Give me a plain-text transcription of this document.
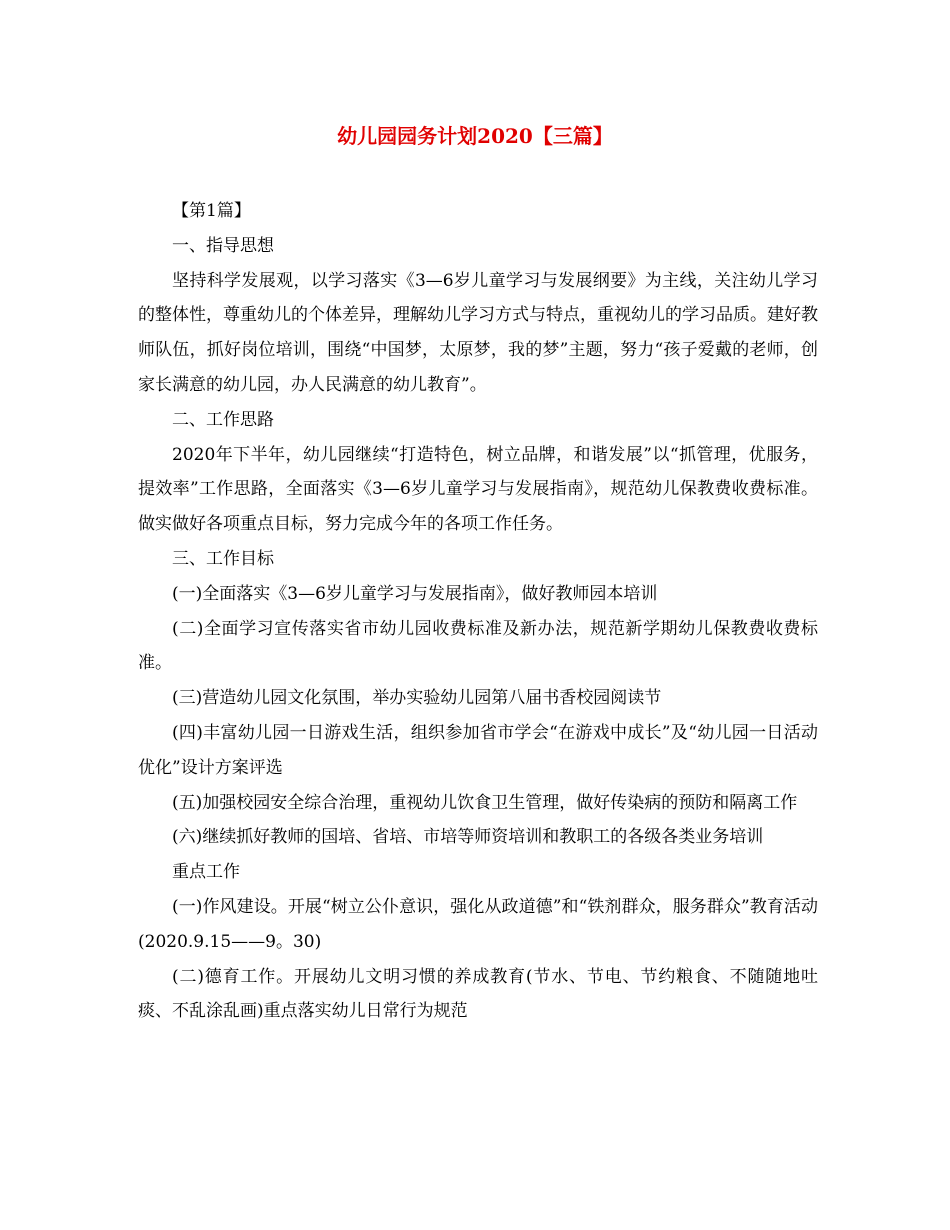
幼儿园园务计划2020【三篇】

【第1篇】

一、指导思想

坚持科学发展观，以学习落实《3—6岁儿童学习与发展纲要》为主线，关注幼儿学习的整体性，尊重幼儿的个体差异，理解幼儿学习方式与特点，重视幼儿的学习品质。建好教师队伍，抓好岗位培训，围绕“中国梦，太原梦，我的梦”主题，努力“孩子爱戴的老师，创家长满意的幼儿园，办人民满意的幼儿教育”。

二、工作思路

2020年下半年，幼儿园继续“打造特色，树立品牌，和谐发展”以“抓管理，优服务，提效率”工作思路，全面落实《3—6岁儿童学习与发展指南》，规范幼儿保教费收费标准。做实做好各项重点目标，努力完成今年的各项工作任务。

三、工作目标

(一)全面落实《3—6岁儿童学习与发展指南》，做好教师园本培训

(二)全面学习宣传落实省市幼儿园收费标准及新办法，规范新学期幼儿保教费收费标准。

(三)营造幼儿园文化氛围，举办实验幼儿园第八届书香校园阅读节

(四)丰富幼儿园一日游戏生活，组织参加省市学会“在游戏中成长”及“幼儿园一日活动优化”设计方案评选

(五)加强校园安全综合治理，重视幼儿饮食卫生管理，做好传染病的预防和隔离工作

(六)继续抓好教师的国培、省培、市培等师资培训和教职工的各级各类业务培训

重点工作

(一)作风建设。开展“树立公仆意识，强化从政道德”和“铁剂群众，服务群众”教育活动(2020.9.15——9。30)

(二)德育工作。开展幼儿文明习惯的养成教育(节水、节电、节约粮食、不随随地吐痰、不乱涂乱画)重点落实幼儿日常行为规范
